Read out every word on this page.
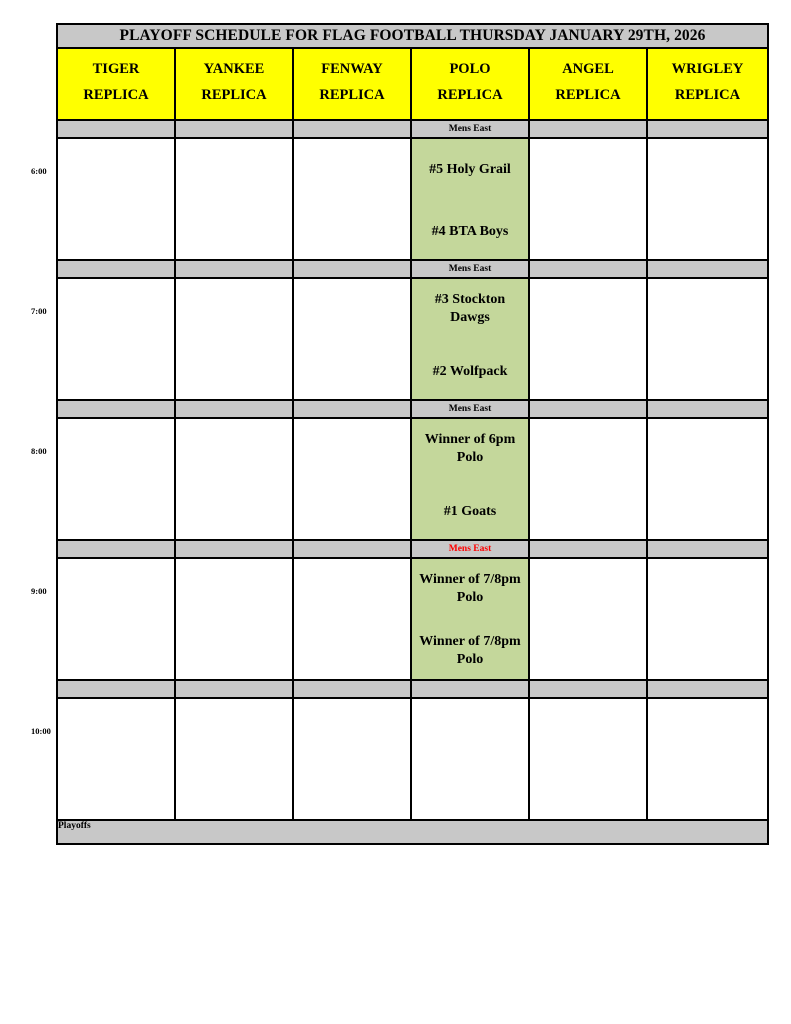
PLAYOFF SCHEDULE FOR FLAG FOOTBALL THURSDAY JANUARY 29TH, 2026
TIGER
REPLICA
YANKEE
REPLICA
FENWAY
REPLICA
POLO
REPLICA
ANGEL
REPLICA
WRIGLEY
REPLICA
Mens East
#5 Holy Grail
#4 BTA Boys
Mens East
#3 Stockton Dawgs
#2 Wolfpack
Mens East
Winner of 6pm Polo
#1 Goats
Mens East
Winner of 7/8pm Polo
Winner of 7/8pm Polo
Playoffs
6:00
7:00
8:00
9:00
10:00
